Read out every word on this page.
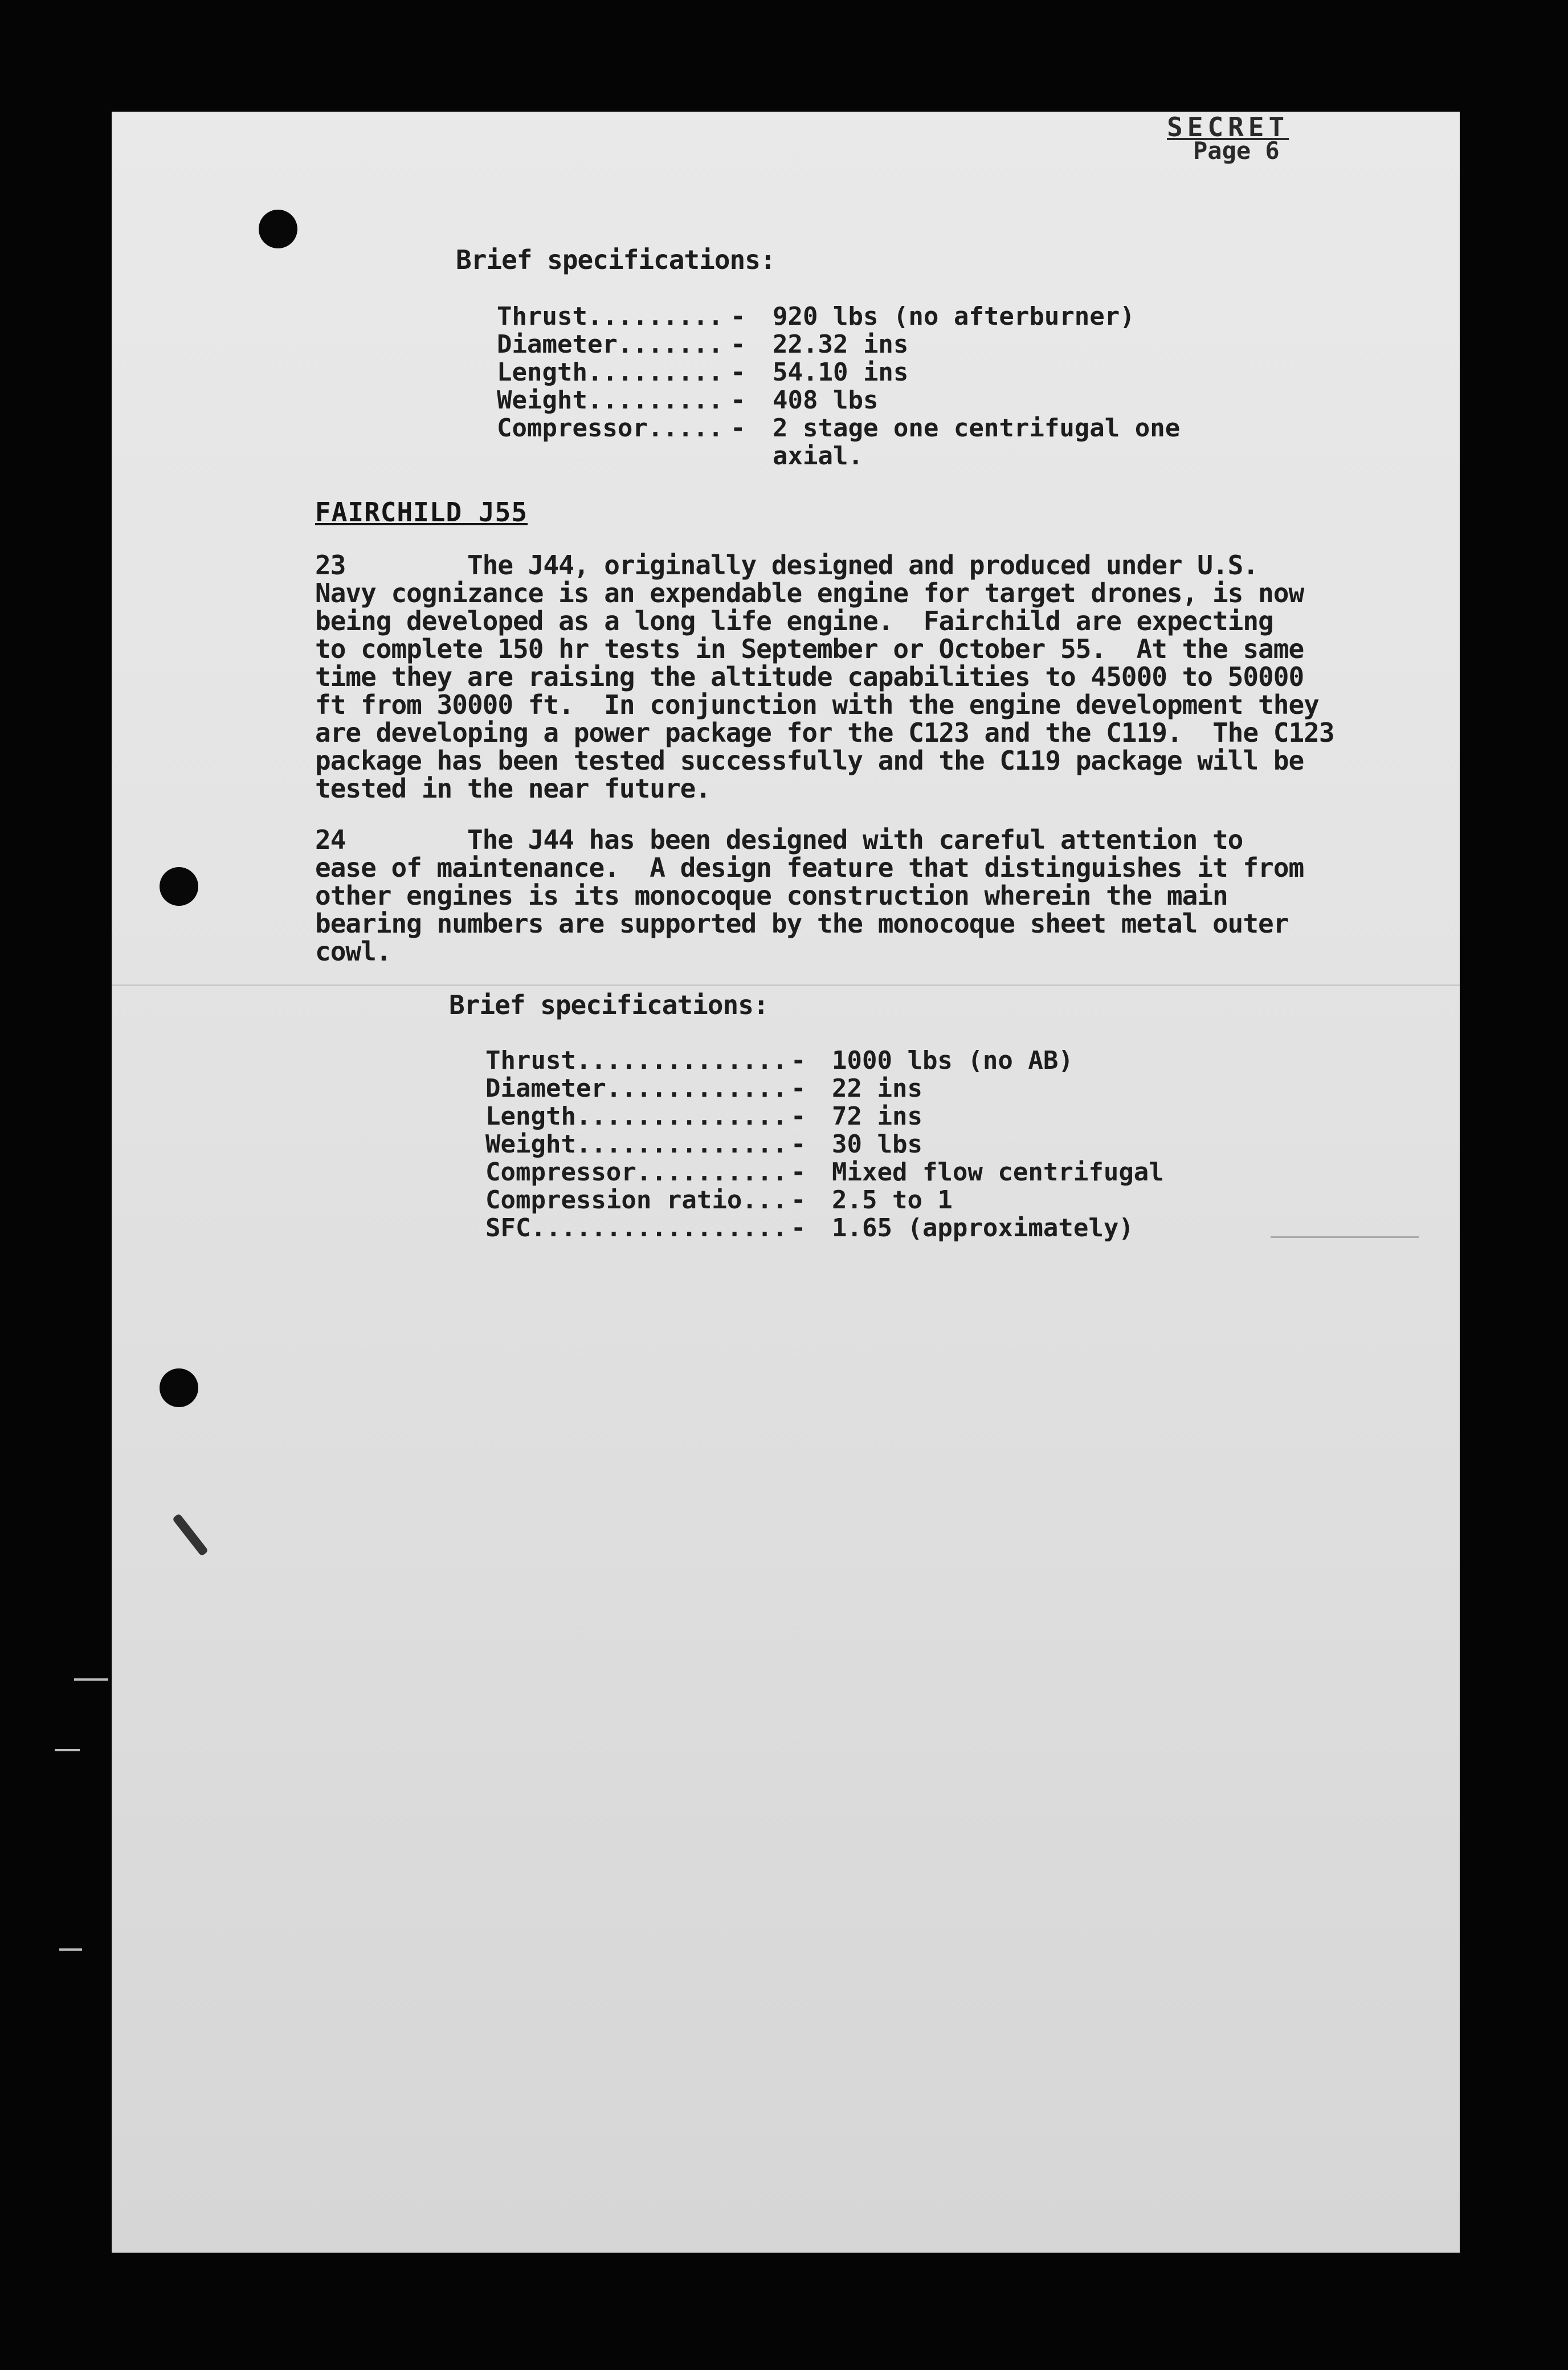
SECRET
Page 6
Brief specifications:
Thrust......... - 920 lbs (no afterburner)
Diameter....... - 22.32 ins
Length......... - 54.10 ins
Weight......... - 408 lbs
Compressor..... - 2 stage one centrifugal one
axial.
FAIRCHILD J55
23        The J44, originally designed and produced under U.S.
Navy cognizance is an expendable engine for target drones, is now
being developed as a long life engine.  Fairchild are expecting
to complete 150 hr tests in September or October 55.  At the same
time they are raising the altitude capabilities to 45000 to 50000
ft from 30000 ft.  In conjunction with the engine development they
are developing a power package for the C123 and the C119.  The C123
package has been tested successfully and the C119 package will be
tested in the near future.
24        The J44 has been designed with careful attention to
ease of maintenance.  A design feature that distinguishes it from
other engines is its monocoque construction wherein the main
bearing numbers are supported by the monocoque sheet metal outer
cowl.
Brief specifications:
Thrust.............. - 1000 lbs (no AB)
Diameter............ - 22 ins
Length.............. - 72 ins
Weight.............. - 30 lbs
Compressor.......... - Mixed flow centrifugal
Compression ratio... - 2.5 to 1
SFC................. - 1.65 (approximately)
